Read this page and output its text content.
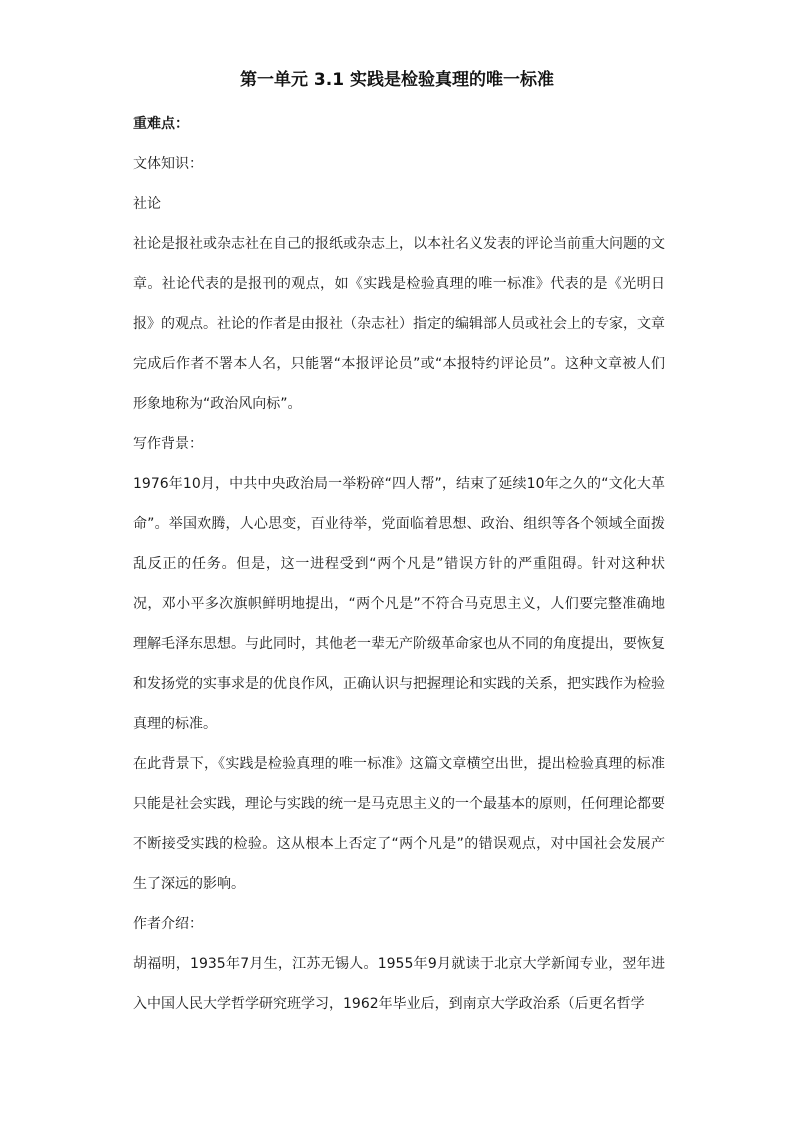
第一单元 3.1 实践是检验真理的唯一标准

重难点：

文体知识：

社论

社论是报社或杂志社在自己的报纸或杂志上，以本社名义发表的评论当前重大问题的文章。社论代表的是报刊的观点，如《实践是检验真理的唯一标准》代表的是《光明日报》的观点。社论的作者是由报社（杂志社）指定的编辑部人员或社会上的专家，文章完成后作者不署本人名，只能署“本报评论员”或“本报特约评论员”。这种文章被人们形象地称为“政治风向标”。

写作背景：

1976年10月，中共中央政治局一举粉碎“四人帮”，结束了延续10年之久的“文化大革命”。举国欢腾，人心思变，百业待举，党面临着思想、政治、组织等各个领域全面拨乱反正的任务。但是，这一进程受到“两个凡是”错误方针的严重阻碍。针对这种状况，邓小平多次旗帜鲜明地提出，“两个凡是”不符合马克思主义，人们要完整准确地理解毛泽东思想。与此同时，其他老一辈无产阶级革命家也从不同的角度提出，要恢复和发扬党的实事求是的优良作风，正确认识与把握理论和实践的关系，把实践作为检验真理的标准。

在此背景下，《实践是检验真理的唯一标准》这篇文章横空出世，提出检验真理的标准只能是社会实践，理论与实践的统一是马克思主义的一个最基本的原则，任何理论都要不断接受实践的检验。这从根本上否定了“两个凡是”的错误观点，对中国社会发展产生了深远的影响。

作者介绍：

胡福明，1935年7月生，江苏无锡人。1955年9月就读于北京大学新闻专业，翌年进入中国人民大学哲学研究班学习，1962年毕业后，到南京大学政治系（后更名哲学
